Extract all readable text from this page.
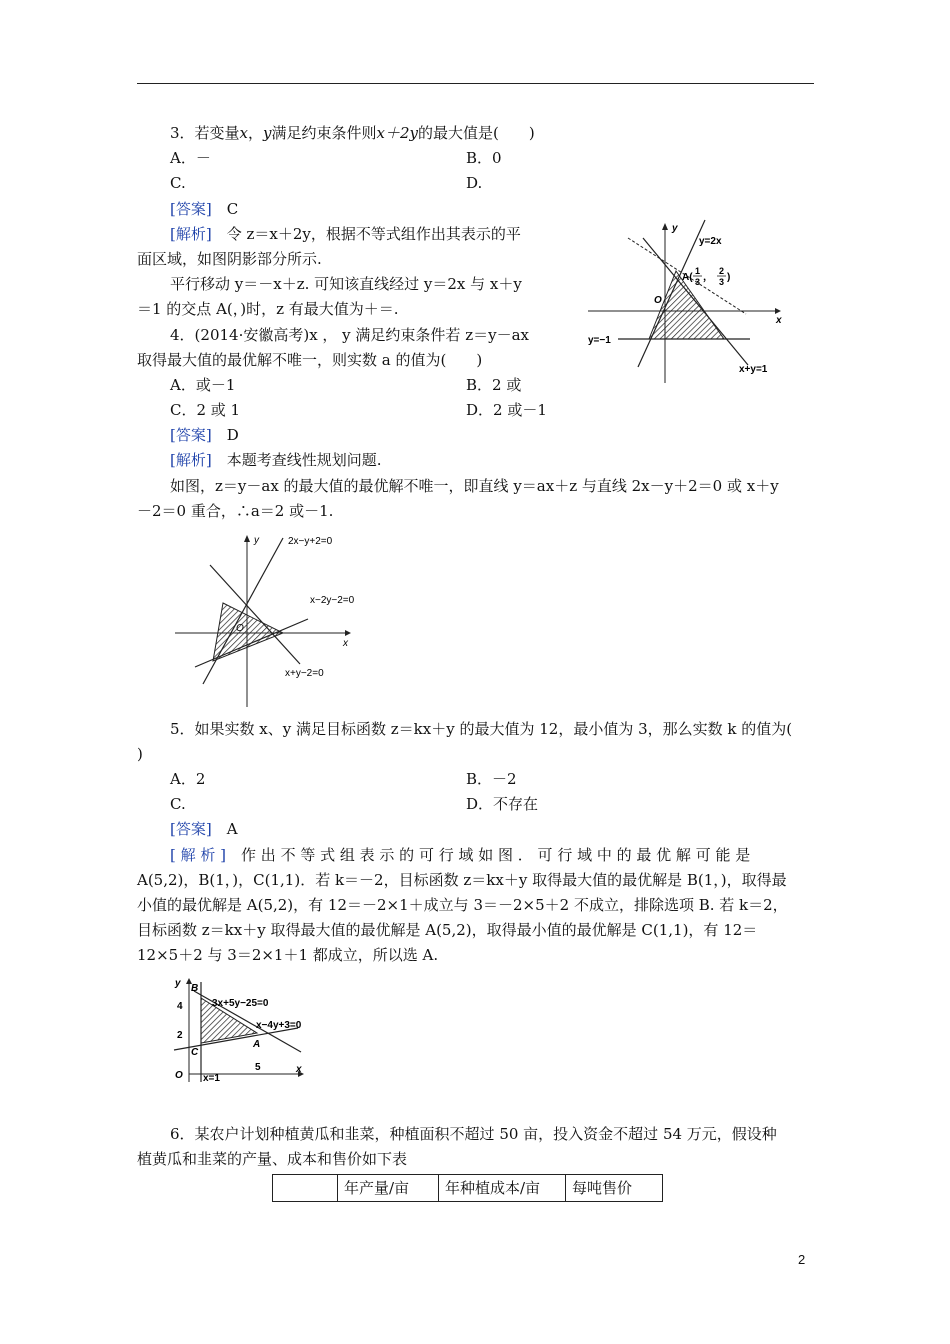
3．若变量x，y满足约束条件则x＋2y的最大值是(　　)
A．－	B．0
C.	D.
[答案]　 C
[解析]　 令 z＝x＋2y，根据不等式组作出其表示的平
面区域，如图阴影部分所示.
平行移动 y＝－x＋z. 可知该直线经过 y＝2x 与 x＋y
＝1 的交点 A(，)时，z 有最大值为＋＝.
y
x
O
y=2x
y=−1
x+y=1
A(
1
3 ，
2
3 )
4．(2014·安徽高考)x ， y 满足约束条件若 z＝y－ax
取得最大值的最优解不唯一，则实数 a 的值为(　　)
A．或－1	B．2 或
C．2 或 1	D．2 或－1
[答案]　 D
[解析]　 本题考查线性规划问题.
如图，z＝y－ax 的最大值的最优解不唯一，即直线 y＝ax＋z 与直线 2x－y＋2＝0 或 x＋y
－2＝0 重合，∴a＝2 或－1.
y
x
O
2x−y+2=0
x−2y−2=0
x+y−2=0
5．如果实数 x、y 满足目标函数 z＝kx＋y 的最大值为 12，最小值为 3，那么实数 k 的值为(
)
A．2	B．－2
C.	D．不存在
[答案]　 A
[ 解 析 ]　 作 出 不 等 式 组 表 示 的 可 行 域 如 图 ． 可 行 域 中 的 最 优 解 可 能 是
A(5,2)，B(1，)，C(1,1)．若 k＝－2，目标函数 z＝kx＋y 取得最大值的最优解是 B(1，)，取得最
小值的最优解是 A(5,2)，有 12＝－2×1＋成立与 3＝－2×5＋2 不成立，排除选项 B. 若 k＝2，
目标函数 z＝kx＋y 取得最大值的最优解是 A(5,2)，取得最小值的最优解是 C(1,1)，有 12＝
12×5＋2 与 3＝2×1＋1 都成立，所以选 A.
y
x
O
4
2
5
B
C
A
3x+5y−25=0
x−4y+3=0
x=1
6．某农户计划种植黄瓜和韭菜，种植面积不超过 50 亩，投入资金不超过 54 万元，假设种
植黄瓜和韭菜的产量、成本和售价如下表
	年产量/亩	年种植成本/亩	每吨售价
2
